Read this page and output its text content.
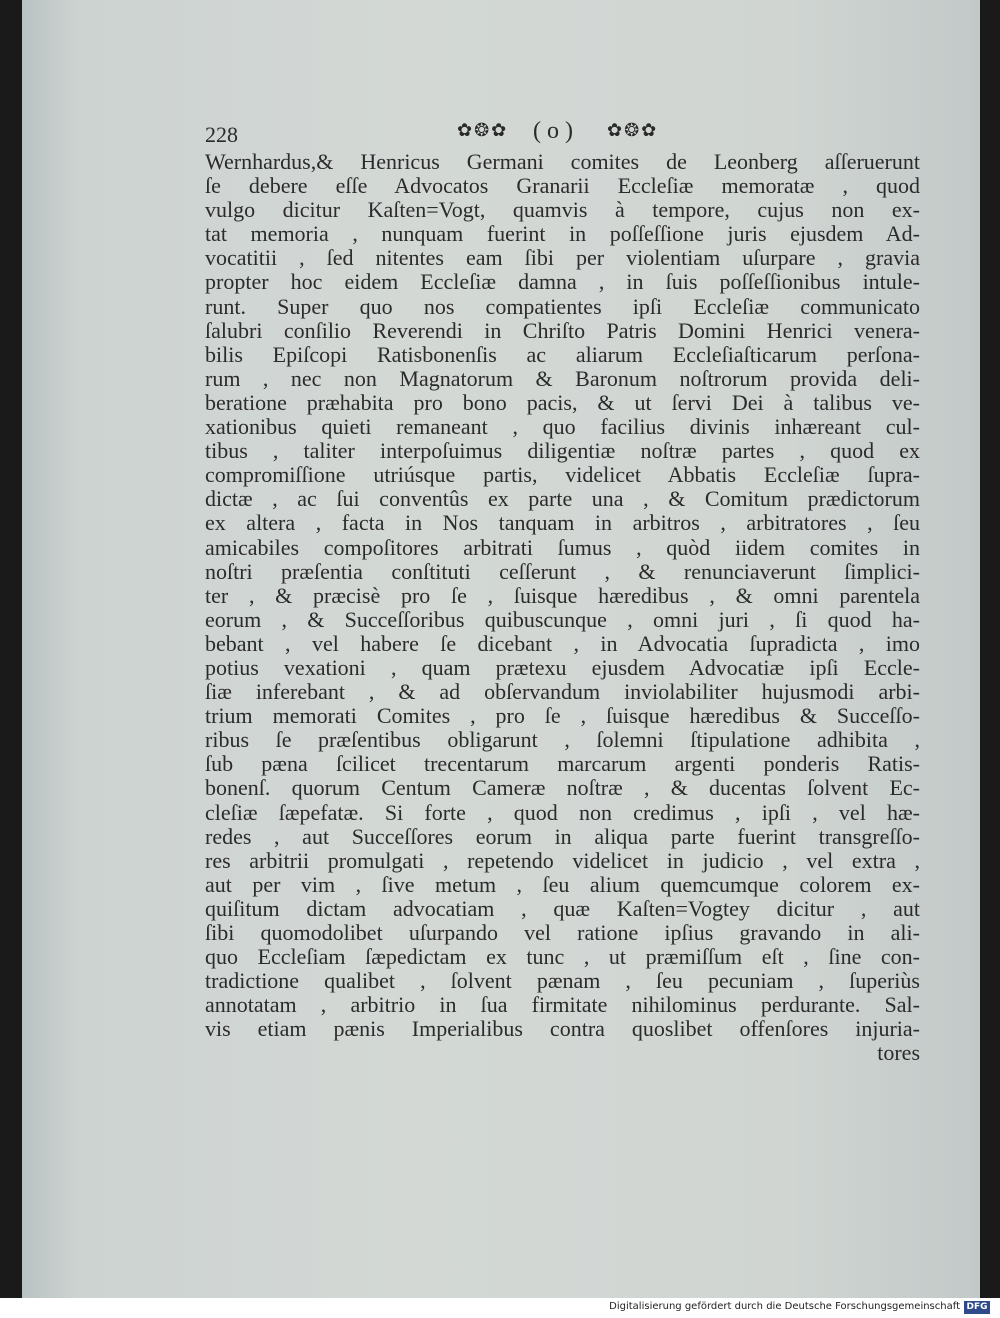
228	✿❂✿ ( o ) ✿❂✿
Wernhardus,& Henricus Germani comites de Leonberg aſſeruerunt
ſe debere eſſe Advocatos Granarii Eccleſiæ memoratæ , quod
vulgo dicitur Kaſten=Vogt, quamvis à tempore, cujus non ex-
tat memoria , nunquam fuerint in poſſeſſione juris ejusdem Ad-
vocatitii , ſed nitentes eam ſibi per violentiam uſurpare , gravia
propter hoc eidem Eccleſiæ damna , in ſuis poſſeſſionibus intule-
runt. Super quo nos compatientes ipſi Eccleſiæ communicato
ſalubri conſilio Reverendi in Chriſto Patris Domini Henrici venera-
bilis Epiſcopi Ratisbonenſis ac aliarum Eccleſiaſticarum perſona-
rum , nec non Magnatorum & Baronum noſtrorum provida deli-
beratione præhabita pro bono pacis, & ut ſervi Dei à talibus ve-
xationibus quieti remaneant , quo facilius divinis inhæreant cul-
tibus , taliter interpoſuimus diligentiæ noſtræ partes , quod ex
compromiſſione utriúsque partis, videlicet Abbatis Eccleſiæ ſupra-
dictæ , ac ſui conventûs ex parte una , & Comitum prædictorum
ex altera , facta in Nos tanquam in arbitros , arbitratores , ſeu
amicabiles compoſitores arbitrati ſumus , quòd iidem comites in
noſtri præſentia conſtituti ceſſerunt , & renunciaverunt ſimplici-
ter , & præcisè pro ſe , ſuisque hæredibus , & omni parentela
eorum , & Succeſſoribus quibuscunque , omni juri , ſi quod ha-
bebant , vel habere ſe dicebant , in Advocatia ſupradicta , imo
potius vexationi , quam prætexu ejusdem Advocatiæ ipſi Eccle-
ſiæ inferebant , & ad obſervandum inviolabiliter hujusmodi arbi-
trium memorati Comites , pro ſe , ſuisque hæredibus & Succeſſo-
ribus ſe præſentibus obligarunt , ſolemni ſtipulatione adhibita ,
ſub pæna ſcilicet trecentarum marcarum argenti ponderis Ratis-
bonenſ. quorum Centum Cameræ noſtræ , & ducentas ſolvent Ec-
cleſiæ ſæpefatæ. Si forte , quod non credimus , ipſi , vel hæ-
redes , aut Succeſſores eorum in aliqua parte fuerint transgreſſo-
res arbitrii promulgati , repetendo videlicet in judicio , vel extra ,
aut per vim , ſive metum , ſeu alium quemcumque colorem ex-
quiſitum dictam advocatiam , quæ Kaſten=Vogtey dicitur , aut
ſibi quomodolibet uſurpando vel ratione ipſius gravando in ali-
quo Eccleſiam ſæpedictam ex tunc , ut præmiſſum eſt , ſine con-
tradictione qualibet , ſolvent pænam , ſeu pecuniam , ſuperiùs
annotatam , arbitrio in ſua firmitate nihilominus perdurante. Sal-
vis etiam pænis Imperialibus contra quoslibet offenſores injuria-
tores
Digitalisierung gefördert durch die Deutsche Forschungsgemeinschaft DFG
